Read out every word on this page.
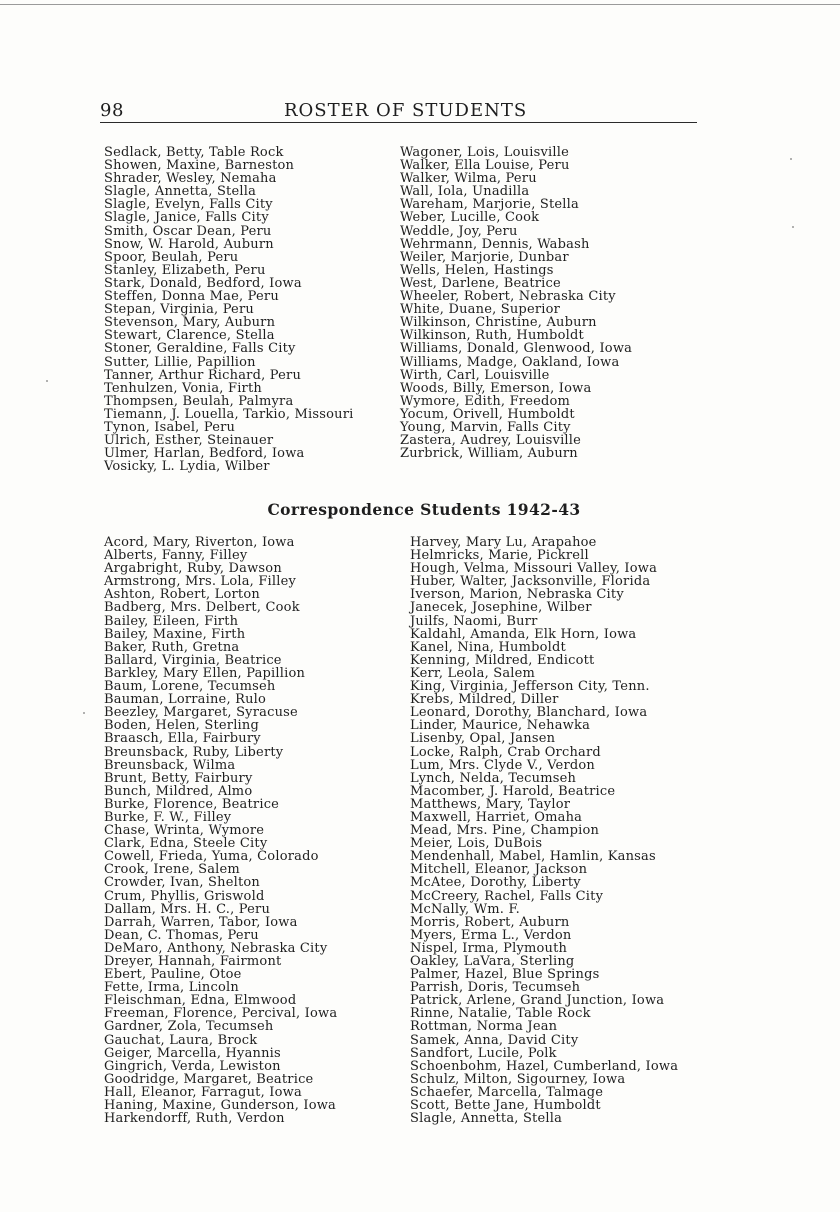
98	ROSTER OF STUDENTS
Sedlack, Betty, Table Rock
Showen, Maxine, Barneston
Shrader, Wesley, Nemaha
Slagle, Annetta, Stella
Slagle, Evelyn, Falls City
Slagle, Janice, Falls City
Smith, Oscar Dean, Peru
Snow, W. Harold, Auburn
Spoor, Beulah, Peru
Stanley, Elizabeth, Peru
Stark, Donald, Bedford, Iowa
Steffen, Donna Mae, Peru
Stepan, Virginia, Peru
Stevenson, Mary, Auburn
Stewart, Clarence, Stella
Stoner, Geraldine, Falls City
Sutter, Lillie, Papillion
Tanner, Arthur Richard, Peru
Tenhulzen, Vonia, Firth
Thompsen, Beulah, Palmyra
Tiemann, J. Louella, Tarkio, Missouri
Tynon, Isabel, Peru
Ulrich, Esther, Steinauer
Ulmer, Harlan, Bedford, Iowa
Vosicky, L. Lydia, Wilber
Wagoner, Lois, Louisville
Walker, Ella Louise, Peru
Walker, Wilma, Peru
Wall, Iola, Unadilla
Wareham, Marjorie, Stella
Weber, Lucille, Cook
Weddle, Joy, Peru
Wehrmann, Dennis, Wabash
Weiler, Marjorie, Dunbar
Wells, Helen, Hastings
West, Darlene, Beatrice
Wheeler, Robert, Nebraska City
White, Duane, Superior
Wilkinson, Christine, Auburn
Wilkinson, Ruth, Humboldt
Williams, Donald, Glenwood, Iowa
Williams, Madge, Oakland, Iowa
Wirth, Carl, Louisville
Woods, Billy, Emerson, Iowa
Wymore, Edith, Freedom
Yocum, Orivell, Humboldt
Young, Marvin, Falls City
Zastera, Audrey, Louisville
Zurbrick, William, Auburn
Correspondence Students 1942-43
Acord, Mary, Riverton, Iowa
Alberts, Fanny, Filley
Argabright, Ruby, Dawson
Armstrong, Mrs. Lola, Filley
Ashton, Robert, Lorton
Badberg, Mrs. Delbert, Cook
Bailey, Eileen, Firth
Bailey, Maxine, Firth
Baker, Ruth, Gretna
Ballard, Virginia, Beatrice
Barkley, Mary Ellen, Papillion
Baum, Lorene, Tecumseh
Bauman, Lorraine, Rulo
Beezley, Margaret, Syracuse
Boden, Helen, Sterling
Braasch, Ella, Fairbury
Breunsback, Ruby, Liberty
Breunsback, Wilma
Brunt, Betty, Fairbury
Bunch, Mildred, Almo
Burke, Florence, Beatrice
Burke, F. W., Filley
Chase, Wrinta, Wymore
Clark, Edna, Steele City
Cowell, Frieda, Yuma, Colorado
Crook, Irene, Salem
Crowder, Ivan, Shelton
Crum, Phyllis, Griswold
Dallam, Mrs. H. C., Peru
Darrah, Warren, Tabor, Iowa
Dean, C. Thomas, Peru
DeMaro, Anthony, Nebraska City
Dreyer, Hannah, Fairmont
Ebert, Pauline, Otoe
Fette, Irma, Lincoln
Fleischman, Edna, Elmwood
Freeman, Florence, Percival, Iowa
Gardner, Zola, Tecumseh
Gauchat, Laura, Brock
Geiger, Marcella, Hyannis
Gingrich, Verda, Lewiston
Goodridge, Margaret, Beatrice
Hall, Eleanor, Farragut, Iowa
Haning, Maxine, Gunderson, Iowa
Harkendorff, Ruth, Verdon
Harvey, Mary Lu, Arapahoe
Helmricks, Marie, Pickrell
Hough, Velma, Missouri Valley, Iowa
Huber, Walter, Jacksonville, Florida
Iverson, Marion, Nebraska City
Janecek, Josephine, Wilber
Juilfs, Naomi, Burr
Kaldahl, Amanda, Elk Horn, Iowa
Kanel, Nina, Humboldt
Kenning, Mildred, Endicott
Kerr, Leola, Salem
King, Virginia, Jefferson City, Tenn.
Krebs, Mildred, Diller
Leonard, Dorothy, Blanchard, Iowa
Linder, Maurice, Nehawka
Lisenby, Opal, Jansen
Locke, Ralph, Crab Orchard
Lum, Mrs. Clyde V., Verdon
Lynch, Nelda, Tecumseh
Macomber, J. Harold, Beatrice
Matthews, Mary, Taylor
Maxwell, Harriet, Omaha
Mead, Mrs. Pine, Champion
Meier, Lois, DuBois
Mendenhall, Mabel, Hamlin, Kansas
Mitchell, Eleanor, Jackson
McAtee, Dorothy, Liberty
McCreery, Rachel, Falls City
McNally, Wm. F.
Morris, Robert, Auburn
Myers, Erma L., Verdon
Nispel, Irma, Plymouth
Oakley, LaVara, Sterling
Palmer, Hazel, Blue Springs
Parrish, Doris, Tecumseh
Patrick, Arlene, Grand Junction, Iowa
Rinne, Natalie, Table Rock
Rottman, Norma Jean
Samek, Anna, David City
Sandfort, Lucile, Polk
Schoenbohm, Hazel, Cumberland, Iowa
Schulz, Milton, Sigourney, Iowa
Schaefer, Marcella, Talmage
Scott, Bette Jane, Humboldt
Slagle, Annetta, Stella
